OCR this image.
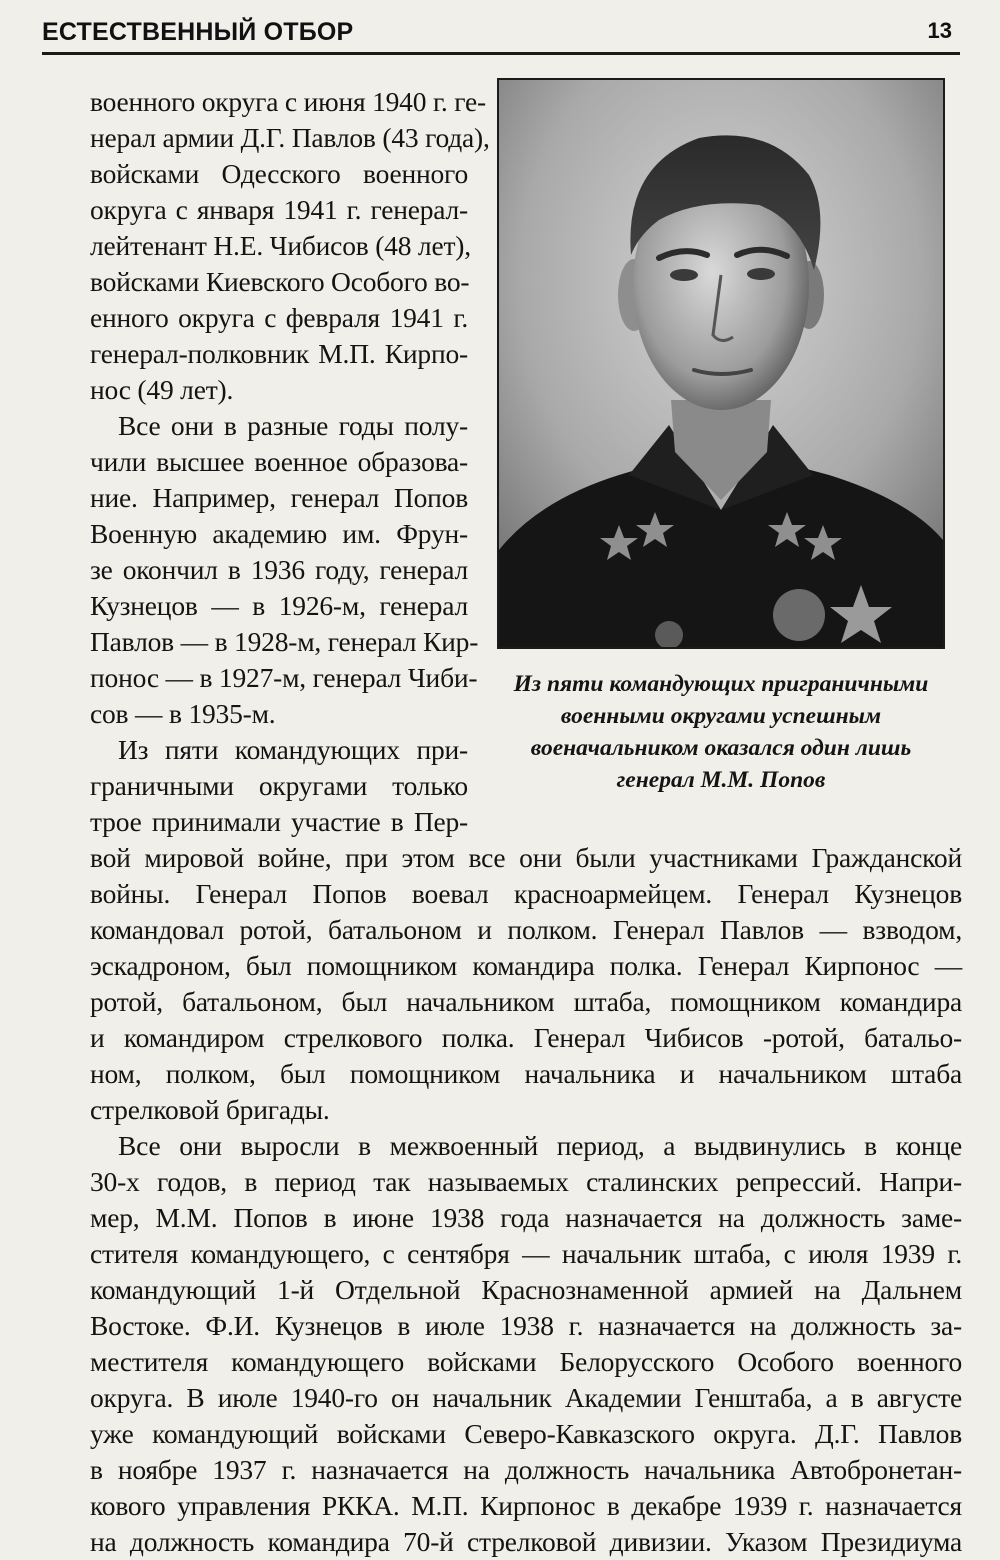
ЕСТЕСТВЕННЫЙ ОТБОР	13
военного округа с июня 1940 г. ге-
нерал армии Д.Г. Павлов (43 года),
войсками Одесского военного
округа с января 1941 г. генерал-
лейтенант Н.Е. Чибисов (48 лет),
войсками Киевского Особого во-
енного округа с февраля 1941 г.
генерал-полковник М.П. Кирпо-
нос (49 лет).
Все они в разные годы полу-
чили высшее военное образова-
ние. Например, генерал Попов
Военную академию им. Фрун-
зе окончил в 1936 году, генерал
Кузнецов — в 1926-м, генерал
Павлов — в 1928-м, генерал Кир-
понос — в 1927-м, генерал Чиби-
сов — в 1935-м.
Из пяти командующих при-
граничными округами только
трое принимали участие в Пер-
Из пяти командующих приграничными
военными округами успешным
военачальником оказался один лишь
генерал М.М. Попов
вой мировой войне, при этом все они были участниками Гражданской
войны. Генерал Попов воевал красноармейцем. Генерал Кузнецов
командовал ротой, батальоном и полком. Генерал Павлов — взводом,
эскадроном, был помощником командира полка. Генерал Кирпонос —
ротой, батальоном, был начальником штаба, помощником командира
и командиром стрелкового полка. Генерал Чибисов -ротой, батальо-
ном, полком, был помощником начальника и начальником штаба
стрелковой бригады.
Все они выросли в межвоенный период, а выдвинулись в конце
30-х годов, в период так называемых сталинских репрессий. Напри-
мер, М.М. Попов в июне 1938 года назначается на должность заме-
стителя командующего, с сентября — начальник штаба, с июля 1939 г.
командующий 1-й Отдельной Краснознаменной армией на Дальнем
Востоке. Ф.И. Кузнецов в июле 1938 г. назначается на должность за-
местителя командующего войсками Белорусского Особого военного
округа. В июле 1940-го он начальник Академии Генштаба, а в августе
уже командующий войсками Северо-Кавказского округа. Д.Г. Павлов
в ноябре 1937 г. назначается на должность начальника Автобронетан-
кового управления РККА. М.П. Кирпонос в декабре 1939 г. назначается
на должность командира 70-й стрелковой дивизии. Указом Президиума
